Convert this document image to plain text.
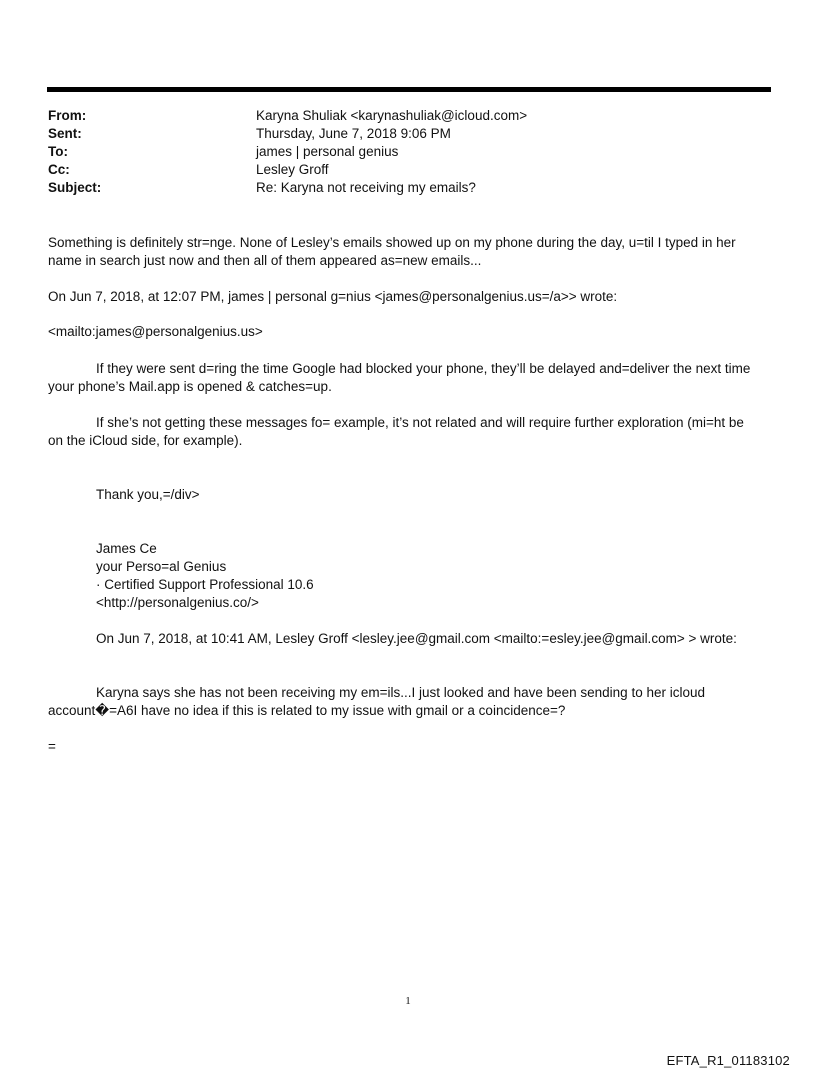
From:	Karyna Shuliak <karynashuliak@icloud.com>
Sent:	Thursday, June 7, 2018 9:06 PM
To:	james | personal genius
Cc:	Lesley Groff
Subject:	Re: Karyna not receiving my emails?
Something is definitely str=nge. None of Lesley’s emails showed up on my phone during the day, u=til I typed in her
name in search just now and then all of them appeared as=new emails...
On Jun 7, 2018, at 12:07 PM, james | personal g=nius <james@personalgenius.us=/a>> wrote:
<mailto:james@personalgenius.us>
If they were sent d=ring the time Google had blocked your phone, they’ll be delayed and=deliver the next time
your phone’s Mail.app is opened & catches=up.
If she’s not getting these messages fo= example, it’s not related and will require further exploration (mi=ht be
on the iCloud side, for example).
Thank you,=/div>
James Ce
your Perso=al Genius
· Certified Support Professional 10.6
<http://personalgenius.co/>
On Jun 7, 2018, at 10:41 AM, Lesley Groff <lesley.jee@gmail.com <mailto:=esley.jee@gmail.com> > wrote:
Karyna says she has not been receiving my em=ils...I just looked and have been sending to her icloud
account�=A6I have no idea if this is related to my issue with gmail or a coincidence=?
=
1
EFTA_R1_01183102
